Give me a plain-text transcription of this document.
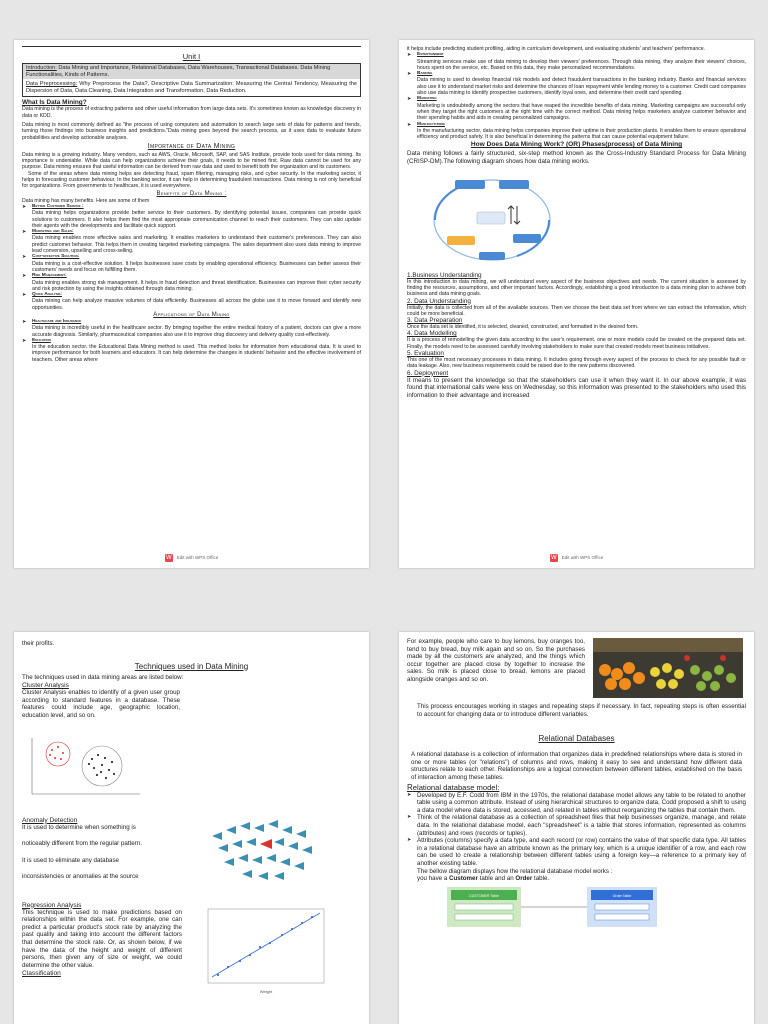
Unit I
Introduction: Data Mining and Importance, Relational Databases, Data Warehouses, Transactional Databases. Data Mining Functionalities, Kinds of Patterns.
Data Preprocessing: Why Preprocess the Data?, Descriptive Data Summarization: Measuring the Central Tendency, Measuring the Dispersion of Data, Data Cleaning, Data Integration and Transformation, Data Reduction.
What Is Data Mining?

Data mining is the process of extracting patterns and other useful information from large data sets. It's sometimes known as knowledge discovery in data or KDD.

Data mining is most commonly defined as "the process of using computers and automation to search large sets of data for patterns and trends, turning those findings into business insights and predictions."Data mining goes beyond the search process, as it uses data to evaluate future probabilities and develop actionable analyses.

Importance of Data Mining

Data mining is a growing industry. Many vendors, such as AWS, Oracle, Microsoft, SAP, and SAS Institute, provide tools used for data mining. Its importance is undeniable. While data can help organizations achieve their goals, it needs to be mined first. Raw data cannot be used for any purpose. Data mining ensures that useful information can be derived from raw data and used to benefit both the organization and its customers.

Some of the areas where data mining helps are detecting fraud, spam filtering, managing risks, and cyber security. In the marketing sector, it helps in forecasting customer behaviour. In the banking sector, it can help in determining fraudulent transactions. Data mining is not only beneficial for organizations. From governments to healthcare, it is used everywhere.

Benefits of Data Mining :

Data mining has many benefits. Here are some of them

➤	Better Customer Service :
Data mining helps organizations provide better service to their customers. By identifying potential issues, companies can provide quick solutions to customers. It also helps them find the most appropriate communication channel to reach their customers. They can also update their agents with the developments and facilitate quick support.
➤	Marketing and Sales:
Data mining enables more effective sales and marketing. It enables marketers to understand their customer's preferences. They can also predict customer behavior. This helps them in creating targeted marketing campaigns. The sales department also uses data mining to improve lead conversion, upselling and cross-selling.
➤	Cost-effective Solution:
Data mining is a cost-effective solution. It helps businesses save costs by enabling operational efficiency. Businesses can better assess their customers' needs and focus on fulfilling them.
➤	Risk Management:
Data mining enables strong risk management. It helps in fraud detection and threat identification. Businesses can improve their cyber security and risk protection by using the insights obtained through data mining.
➤	Quick Analysis:
Data mining can help analyze massive volumes of data efficiently. Businesses all across the globe use it to move forward and identify new opportunities.
Applications of Data Mining
➤	Healthcare and Insurance
Data mining is incredibly useful in the healthcare sector. By bringing together the entire medical history of a patient, doctors can give a more accurate diagnosis. Similarly, pharmaceutical companies also use it to improve drug discovery and delivery quality cost-effectively.
➤	Education
In the education sector, the Educational Data Mining method is used. This method looks for information from educational data. It is used to improve performance for both learners and educators. It can help determine the changes in students' behavior and the effective involvement of teachers. Other areas where
W Edit with WPS Office

it helps include predicting student profiling, aiding in curriculum development, and evaluating students' and teachers' performance.

➤	Entertainment
Streaming services make use of data mining to develop their viewers' preferences. Through data mining, they analyze their viewers' choices, hours spent on the service, etc. Based on this data, they make personalized recommendations.
➤	Banking
Data mining is used to develop financial risk models and detect fraudulent transactions in the banking industry. Banks and financial services also use it to understand market risks and determine the chances of loan repayment while lending money to a customer. Credit card companies also use data mining to identify prospective customers, identify loyal ones, and determine their credit card spending.
➤	Marketing
Marketing is undoubtedly among the sectors that have reaped the incredible benefits of data mining. Marketing campaigns are successful only when they target the right customers at the right time with the correct method. Data mining helps marketers analyze customer behavior and their spending habits and aids in creating personalized campaigns.
➤	Manufacturing
In the manufacturing sector, data mining helps companies improve their uptime in their production plants. It enables them to ensure operational efficiency and product safety. It is also beneficial in determining the patterns that can cause potential equipment failure.
How Does Data Mining Work? (OR) Phases(process) of Data Mining

Data mining follows a fairly structured, six-step method known as the Cross-Industry Standard Process for Data Mining (CRISP-DM).The following diagram shows how data mining works.

1.Business Understanding

In this introduction to data mining, we will understand every aspect of the business objectives and needs. The current situation is assessed by finding the resources, assumptions, and other important factors. Accordingly, establishing a good introduction to a data mining plan to achieve both business and data mining goals.

2. Data Understanding

Initially, the data is collected from all of the available sources. Then we choose the best data set from where we can extract the information, which could be more beneficial.

3. Data Preparation

Once the data set is identified, it is selected, cleaned, constructed, and formatted in the desired form.

4. Data Modelling

It is a process of remodelling the given data according to the user's requirement. one or more models could be created on the prepared data set. Finally, the models need to be assessed carefully involving stakeholders to make sure that created models meet business initiatives.

5. Evaluation

This one of the most necessary processes in data mining. It includes going through every aspect of the process to check for any possible fault or data leakage. Also, new business requirements could be raised due to the new patterns discovered.

6. Deployment

It means to present the knowledge so that the stakeholders can use it when they want it. In our above example, it was found that international calls were less on Wednesday, so this information was presented to the stakeholders who used this information to their advantage and increased

W Edit with WPS Office

their profits.

Techniques used in Data Mining

The techniques used in data mining areas are listed below:

Cluster Analysis

Cluster Analysis enables to identify of a given user group according to standard features in a database. These features could include age, geographic location, education level, and so on.

Anomaly Detection

It is used to determine when something is

noticeably different from the regular pattern.

It is used to eliminate any database

inconsistencies or anomalies at the source

Regression Analysis

This technique is used to make predictions based on relationships within the data set. For example, one can predict a particular product's stock rate by analyzing the past quality and taking into account the different factors that determine the stock rate. Or, as shown below, if we have the data of the height and weight of different persons, then given any of size or weight, we could determine the other value.

Classification
Weight

For example, people who care to buy lemons, buy oranges too, tend to buy bread, buy milk again and so on. So the purchases made by all the customers are analyzed, and the things which occur together are placed close by together to increase the sales. So milk is placed close to bread, lemons are placed alongside oranges and so on.

This process encourages working in stages and repeating steps if necessary. In fact, repeating steps is often essential to account for changing data or to introduce different variables.

Relational Databases

A relational database is a collection of information that organizes data in predefined relationships where data is stored in one or more tables (or "relations") of columns and rows, making it easy to see and understand how different data structures relate to each other. Relationships are a logical connection between different tables, established on the basis of interaction among these tables.

Relational database model:
➤ Developed by E.F. Codd from IBM in the 1970s, the relational database model allows any table to be related to another table using a common attribute. Instead of using hierarchical structures to organize data, Codd proposed a shift to using a data model where data is stored, accessed, and related in tables without reorganizing the tables that contain them.
➤ Think of the relational database as a collection of spreadsheet files that help businesses organize, manage, and relate data. In the relational database model, each "spreadsheet" is a table that stores information, represented as columns (attributes) and rows (records or tuples).
➤ Attributes (columns) specify a data type, and each record (or row) contains the value of that specific data type. All tables in a relational database have an attribute known as the primary key, which is a unique identifier of a row, and each row can be used to create a relationship between different tables using a foreign key—a reference to a primary key of another existing table.

The bellow diagram displays how the relational database model works :

you have a Customer table and an Order table.

CUSTOMER Table	Order Table
